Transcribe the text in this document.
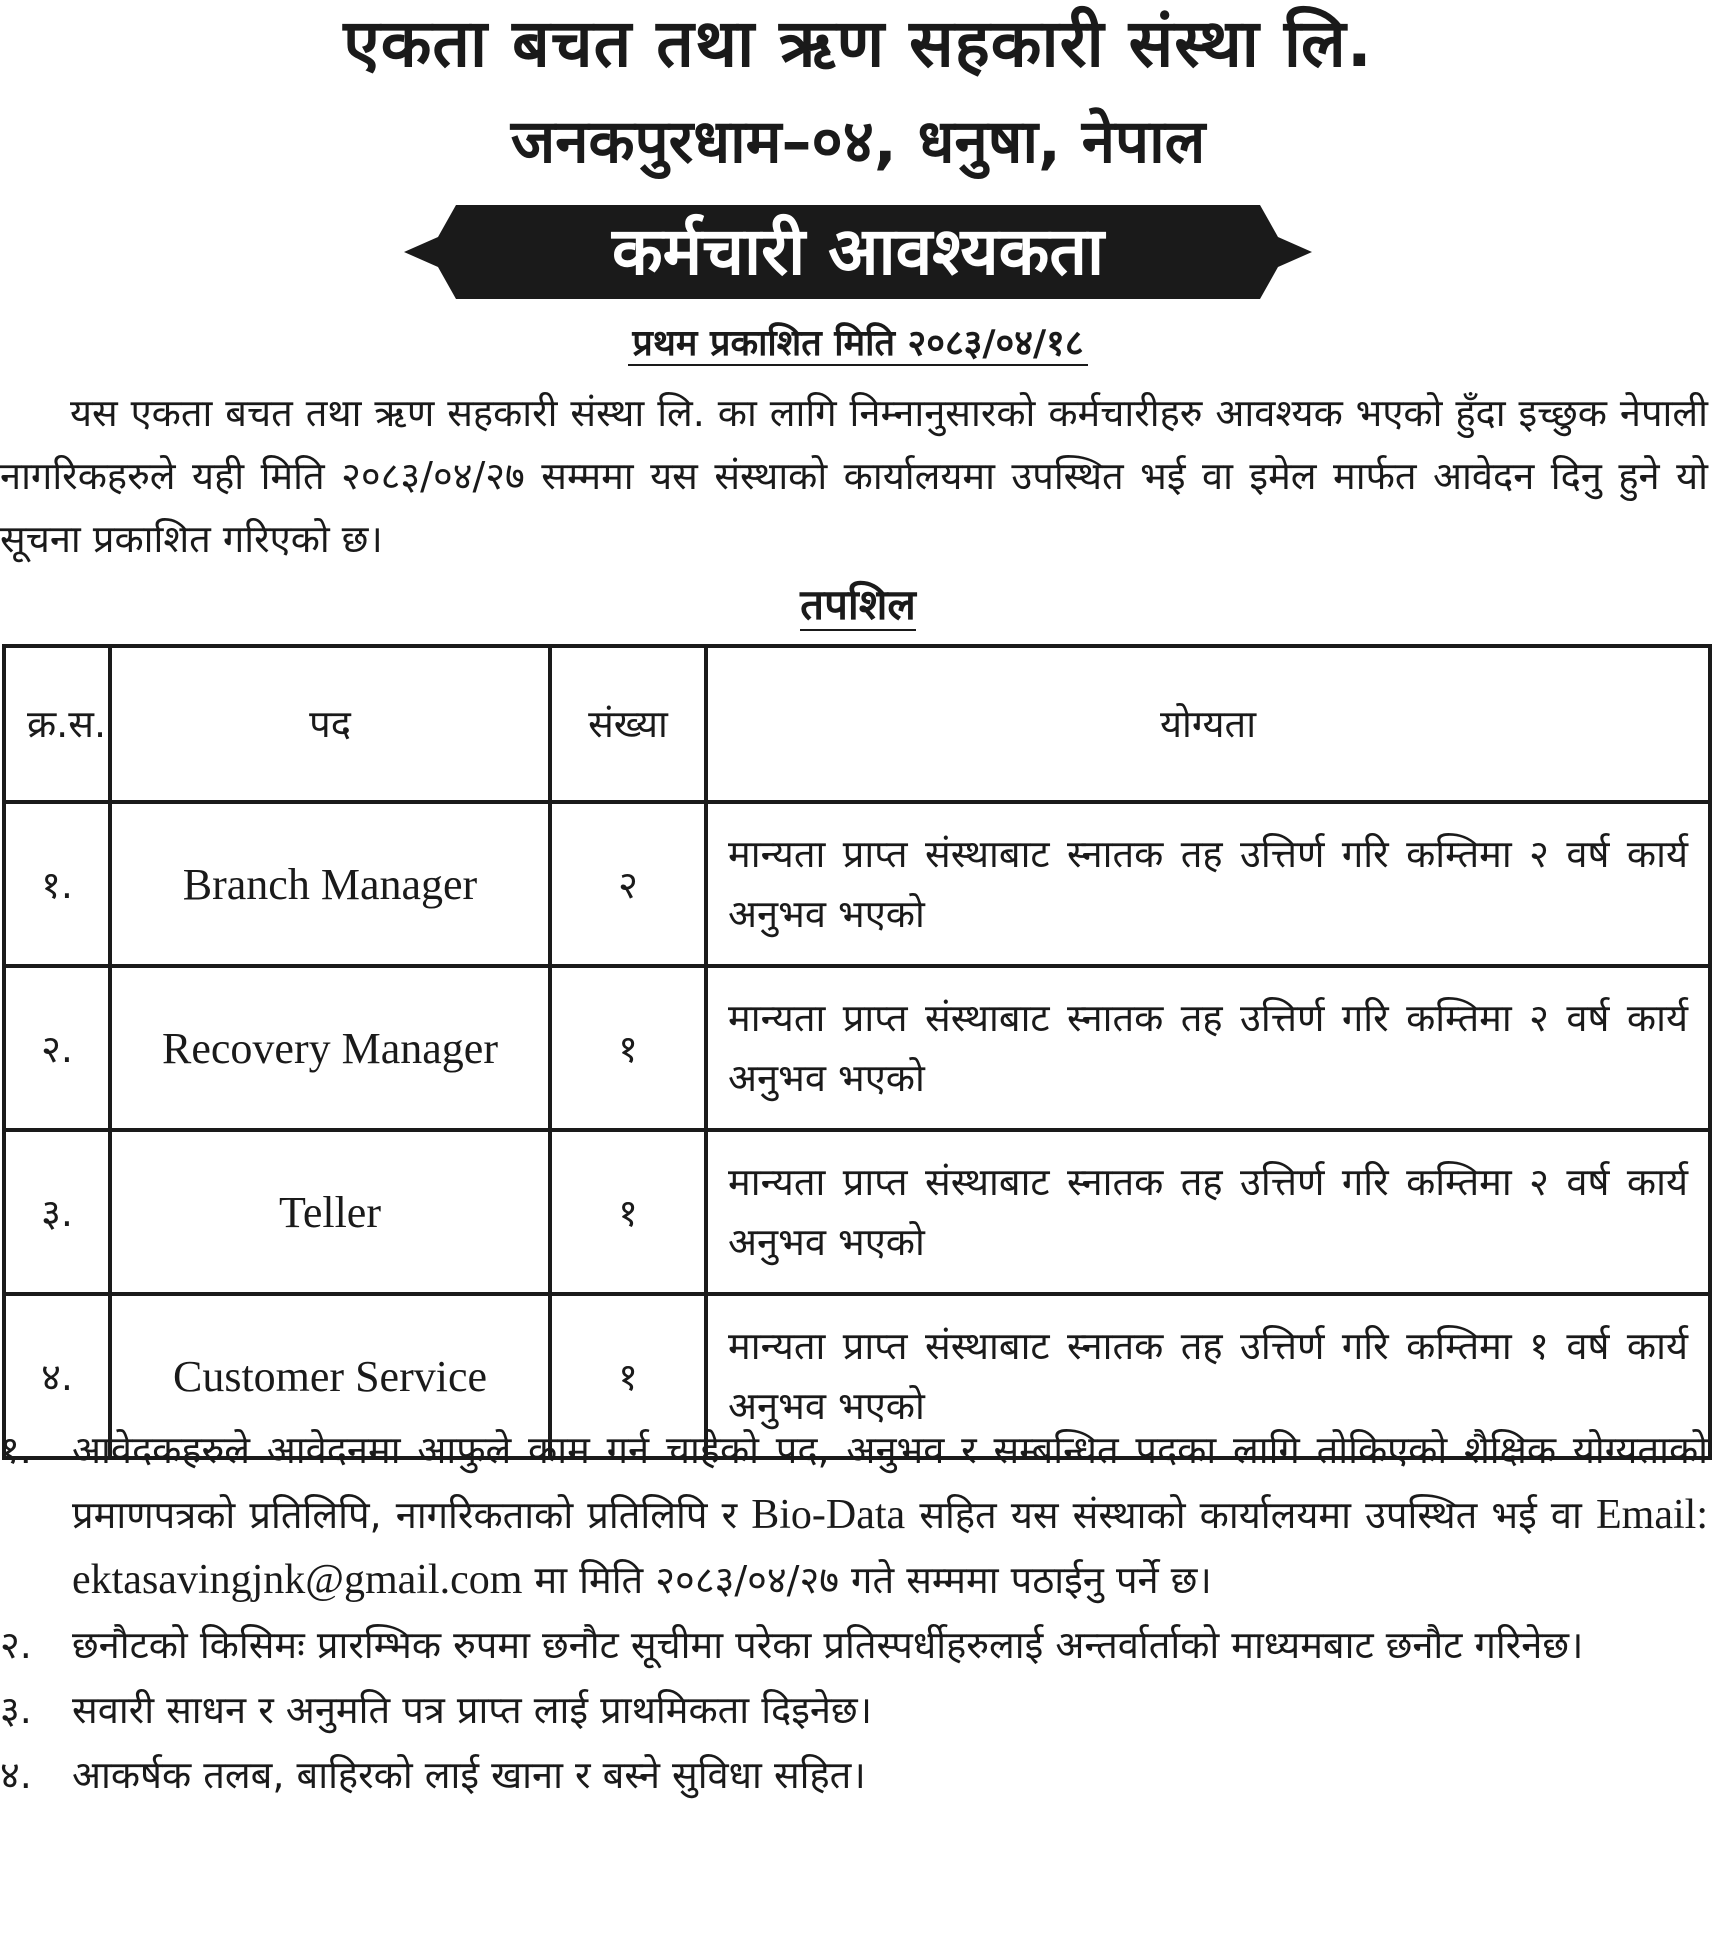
एकता बचत तथा ऋण सहकारी संस्था लि.
जनकपुरधाम–०४, धनुषा, नेपाल
कर्मचारी आवश्यकता
प्रथम प्रकाशित मिति २०८३/०४/१८
यस एकता बचत तथा ऋण सहकारी संस्था लि. का लागि निम्नानुसारको कर्मचारीहरु आवश्यक भएको हुँदा इच्छुक नेपाली नागरिकहरुले यही मिति २०८३/०४/२७ सम्ममा यस संस्थाको कार्यालयमा उपस्थित भई वा इमेल मार्फत आवेदन दिनु हुने यो सूचना प्रकाशित गरिएको छ।
तपशिल
क्र.स.	पद	संख्या	योग्यता
१.	Branch Manager	२	मान्यता प्राप्त संस्थाबाट स्नातक तह उत्तिर्ण गरि कम्तिमा २ वर्ष कार्य अनुभव भएको
२.	Recovery Manager	१	मान्यता प्राप्त संस्थाबाट स्नातक तह उत्तिर्ण गरि कम्तिमा २ वर्ष कार्य अनुभव भएको
३.	Teller	१	मान्यता प्राप्त संस्थाबाट स्नातक तह उत्तिर्ण गरि कम्तिमा २ वर्ष कार्य अनुभव भएको
४.	Customer Service	१	मान्यता प्राप्त संस्थाबाट स्नातक तह उत्तिर्ण गरि कम्तिमा १ वर्ष कार्य अनुभव भएको
१.	आवेदकहरुले आवेदनमा आफुले काम गर्न चाहेको पद, अनुभव र सम्बन्धित पदका लागि तोकिएको शैक्षिक योग्यताको प्रमाणपत्रको प्रतिलिपि, नागरिकताको प्रतिलिपि र Bio-Data सहित यस संस्थाको कार्यालयमा उपस्थित भई वा Email: ektasavingjnk@gmail.com मा मिति २०८३/०४/२७ गते सम्ममा पठाईनु पर्ने छ।
२.	छनौटको किसिमः प्रारम्भिक रुपमा छनौट सूचीमा परेका प्रतिस्पर्धीहरुलाई अन्तर्वार्ताको माध्यमबाट छनौट गरिनेछ।
३.	सवारी साधन र अनुमति पत्र प्राप्त लाई प्राथमिकता दिइनेछ।
४.	आकर्षक तलब, बाहिरको लाई खाना र बस्ने सुविधा सहित।
